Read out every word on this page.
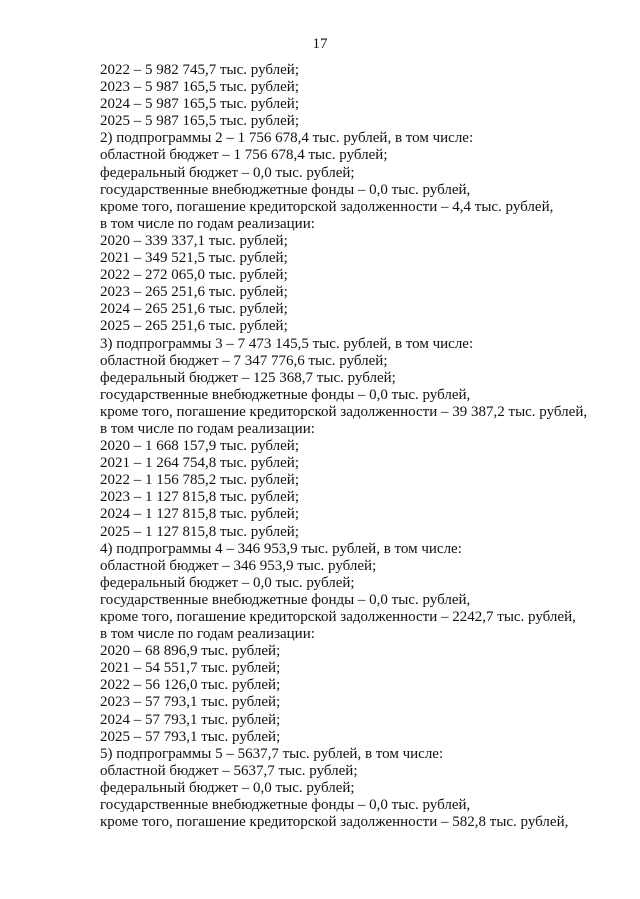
17
2022 – 5 982 745,7 тыс. рублей;
2023 – 5 987 165,5 тыс. рублей;
2024 – 5 987 165,5 тыс. рублей;
2025 – 5 987 165,5 тыс. рублей;
2) подпрограммы 2 – 1 756 678,4 тыс. рублей, в том числе:
областной бюджет – 1 756 678,4 тыс. рублей;
федеральный бюджет – 0,0 тыс. рублей;
государственные внебюджетные фонды – 0,0 тыс. рублей,
кроме того, погашение кредиторской задолженности – 4,4 тыс. рублей,
в том числе по годам реализации:
2020 – 339 337,1 тыс. рублей;
2021 – 349 521,5 тыс. рублей;
2022 – 272 065,0 тыс. рублей;
2023 – 265 251,6 тыс. рублей;
2024 – 265 251,6 тыс. рублей;
2025 – 265 251,6 тыс. рублей;
3) подпрограммы 3 – 7 473 145,5 тыс. рублей, в том числе:
областной бюджет – 7 347 776,6 тыс. рублей;
федеральный бюджет – 125 368,7 тыс. рублей;
государственные внебюджетные фонды – 0,0 тыс. рублей,
кроме того, погашение кредиторской задолженности – 39 387,2 тыс. рублей,
в том числе по годам реализации:
2020 – 1 668 157,9 тыс. рублей;
2021 – 1 264 754,8 тыс. рублей;
2022 – 1 156 785,2 тыс. рублей;
2023 – 1 127 815,8 тыс. рублей;
2024 – 1 127 815,8 тыс. рублей;
2025 – 1 127 815,8 тыс. рублей;
4) подпрограммы 4 – 346 953,9 тыс. рублей, в том числе:
областной бюджет – 346 953,9 тыс. рублей;
федеральный бюджет – 0,0 тыс. рублей;
государственные внебюджетные фонды – 0,0 тыс. рублей,
кроме того, погашение кредиторской задолженности – 2242,7 тыс. рублей,
в том числе по годам реализации:
2020 – 68 896,9 тыс. рублей;
2021 – 54 551,7 тыс. рублей;
2022 – 56 126,0 тыс. рублей;
2023 – 57 793,1 тыс. рублей;
2024 – 57 793,1 тыс. рублей;
2025 – 57 793,1 тыс. рублей;
5) подпрограммы 5 – 5637,7 тыс. рублей, в том числе:
областной бюджет – 5637,7 тыс. рублей;
федеральный бюджет – 0,0 тыс. рублей;
государственные внебюджетные фонды – 0,0 тыс. рублей,
кроме того, погашение кредиторской задолженности – 582,8 тыс. рублей,
